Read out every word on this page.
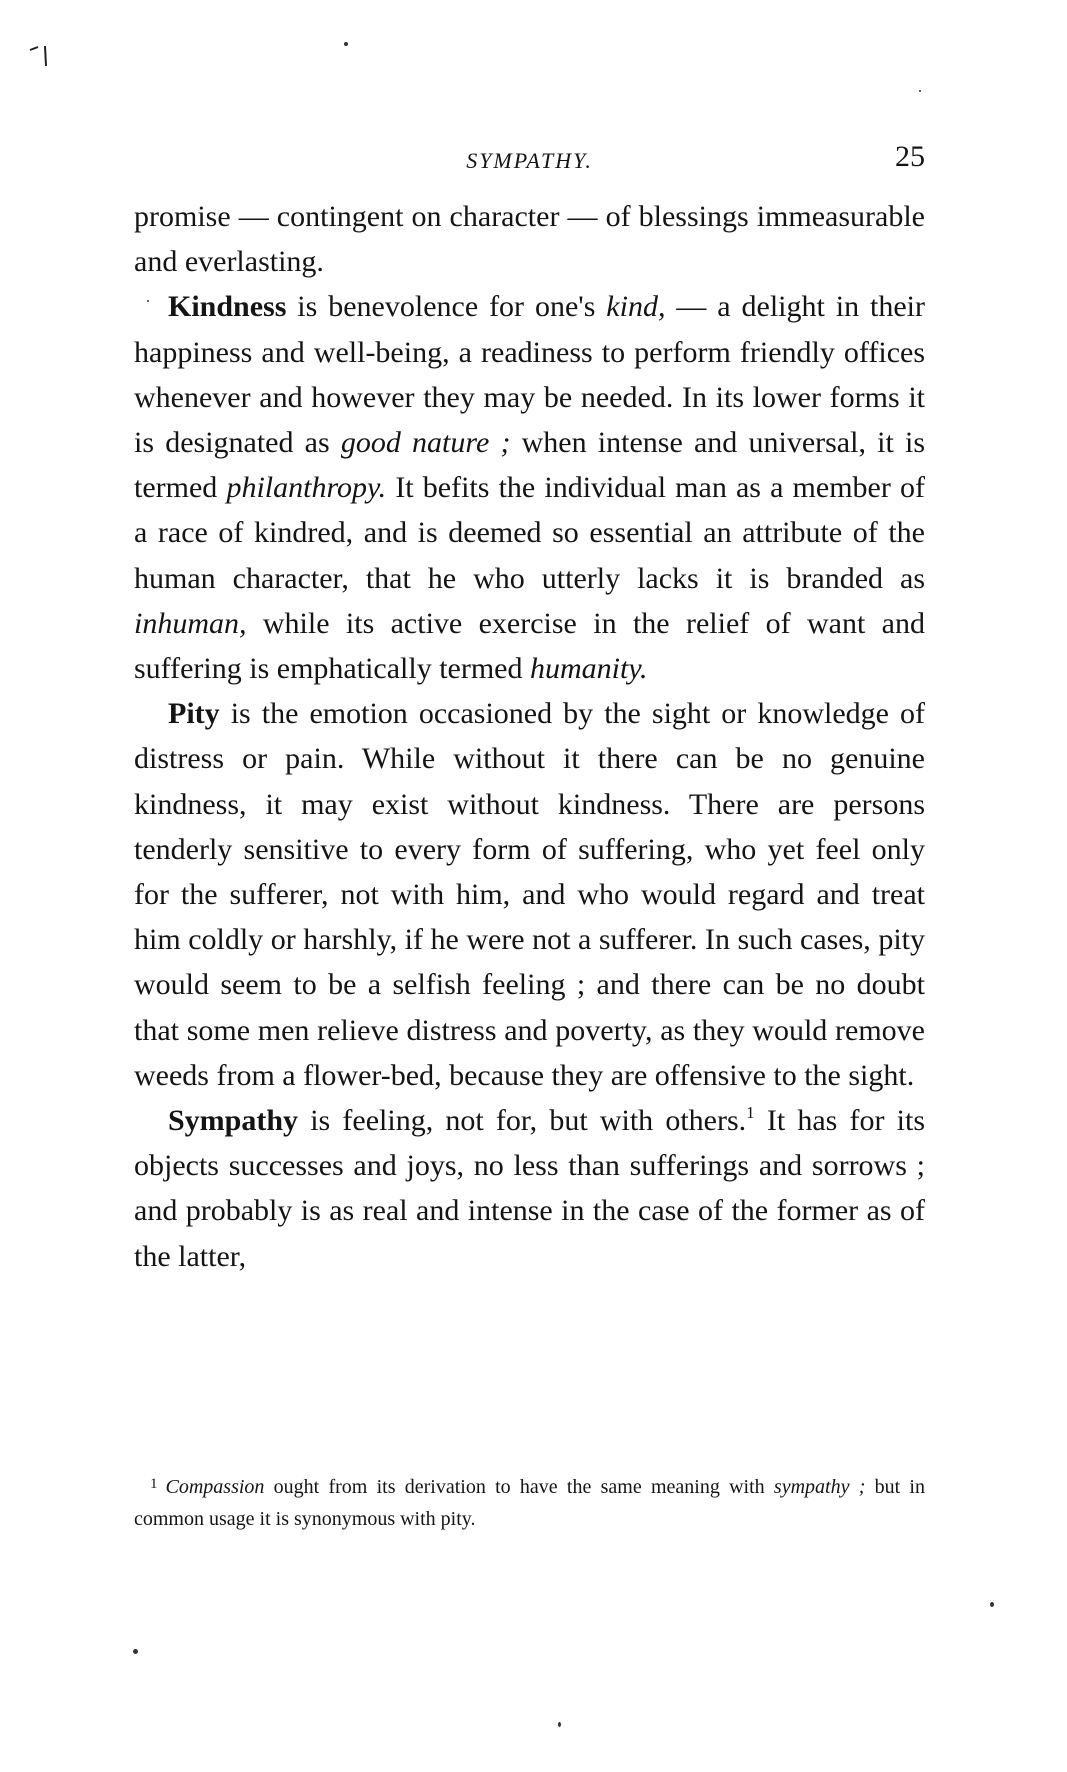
SYMPATHY.	25

promise — contingent on character — of blessings immeasurable and everlasting.

Kindness is benevolence for one's kind, — a delight in their happiness and well-being, a readiness to perform friendly offices whenever and however they may be needed. In its lower forms it is designated as good nature ; when intense and universal, it is termed philanthropy. It befits the individual man as a member of a race of kindred, and is deemed so essential an attribute of the human character, that he who utterly lacks it is branded as inhuman, while its active exercise in the relief of want and suffering is emphatically termed humanity.

Pity is the emotion occasioned by the sight or knowledge of distress or pain. While without it there can be no genuine kindness, it may exist without kindness. There are persons tenderly sensitive to every form of suffering, who yet feel only for the sufferer, not with him, and who would regard and treat him coldly or harshly, if he were not a sufferer. In such cases, pity would seem to be a selfish feeling ; and there can be no doubt that some men relieve distress and poverty, as they would remove weeds from a flower-bed, because they are offensive to the sight.

Sympathy is feeling, not for, but with others.$^1$ It has for its objects successes and joys, no less than sufferings and sorrows ; and probably is as real and intense in the case of the former as of the latter,

$^1$ Compassion ought from its derivation to have the same meaning with sympathy ; but in common usage it is synonymous with pity.
